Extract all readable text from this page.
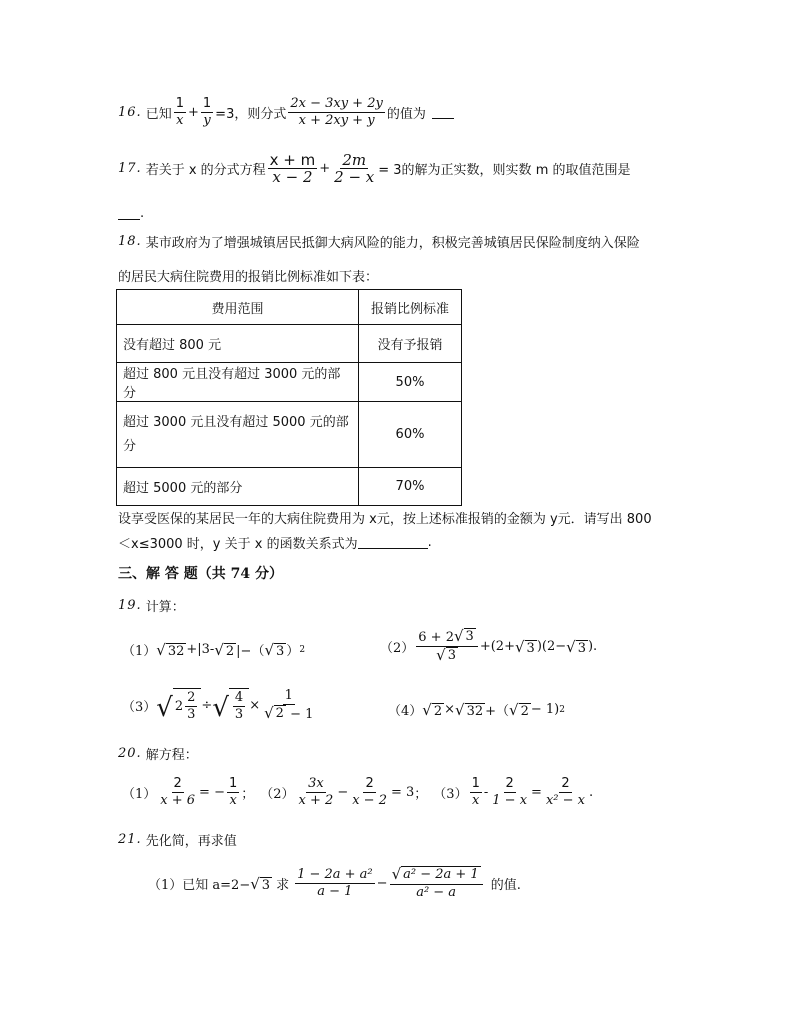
16. 已知 $\frac{1}{x} + \frac{1}{y} =3$，则分式 $\frac{2x - 3xy + 2y}{x + 2xy + y}$ 的值为
17. 若关于 x 的分式方程 $\frac{x + m}{x - 2} + \frac{2m}{2 - x} = 3$的解为正实数，则实数 m 的取值范围是
.
18. 某市政府为了增强城镇居民抵御大病风险的能力，积极完善城镇居民保险制度纳入保险
的居民大病住院费用的报销比例标准如下表：
费用范围	报销比例标准
没有超过 800 元	没有予报销
超过 800 元且没有超过 3000 元的部分	50%
超过 3000 元且没有超过 5000 元的部
分	60%
超过 5000 元的部分	70%
设享受医保的某居民一年的大病住院费用为 x元，按上述标准报销的金额为 y元．请写出 800
＜x≤3000 时，y 关于 x 的函数关系式为	.
三、解 答 题（共 74 分）
19. 计算：
（1） √ 32 +|3- √ 2 |−（ √ 3 ） 2	$(2) \frac{6 + 2 √ 3}{√ 3} +(2+$ √ 3 )(2− √ 3 ).
（3） √ $2 \frac{2}{3}$ ÷ √ $\frac{4}{3} \times \frac{1}{√ 2 - 1}$	（4） √ 2 × √ 32 +（ √ 2 − 1) 2
20. 解方程：
$(1) \frac{2}{x + 6}$ = − $\frac{1}{x}$ ； $(2) \frac{3x}{x + 2} - \frac{2}{x - 2} = 3$ ； $(3) \frac{1}{x} - \frac{2}{1 - x} = \frac{2}{\text{x² − x}}$ .
21. 先化简，再求值
（1）已知 a=2− √ 3 求 $\frac{\text{1 − 2a + a²}}{a - 1} - \frac{\text{√ a² − 2a + 1}}{\text{a² − a}}$ 的值.
